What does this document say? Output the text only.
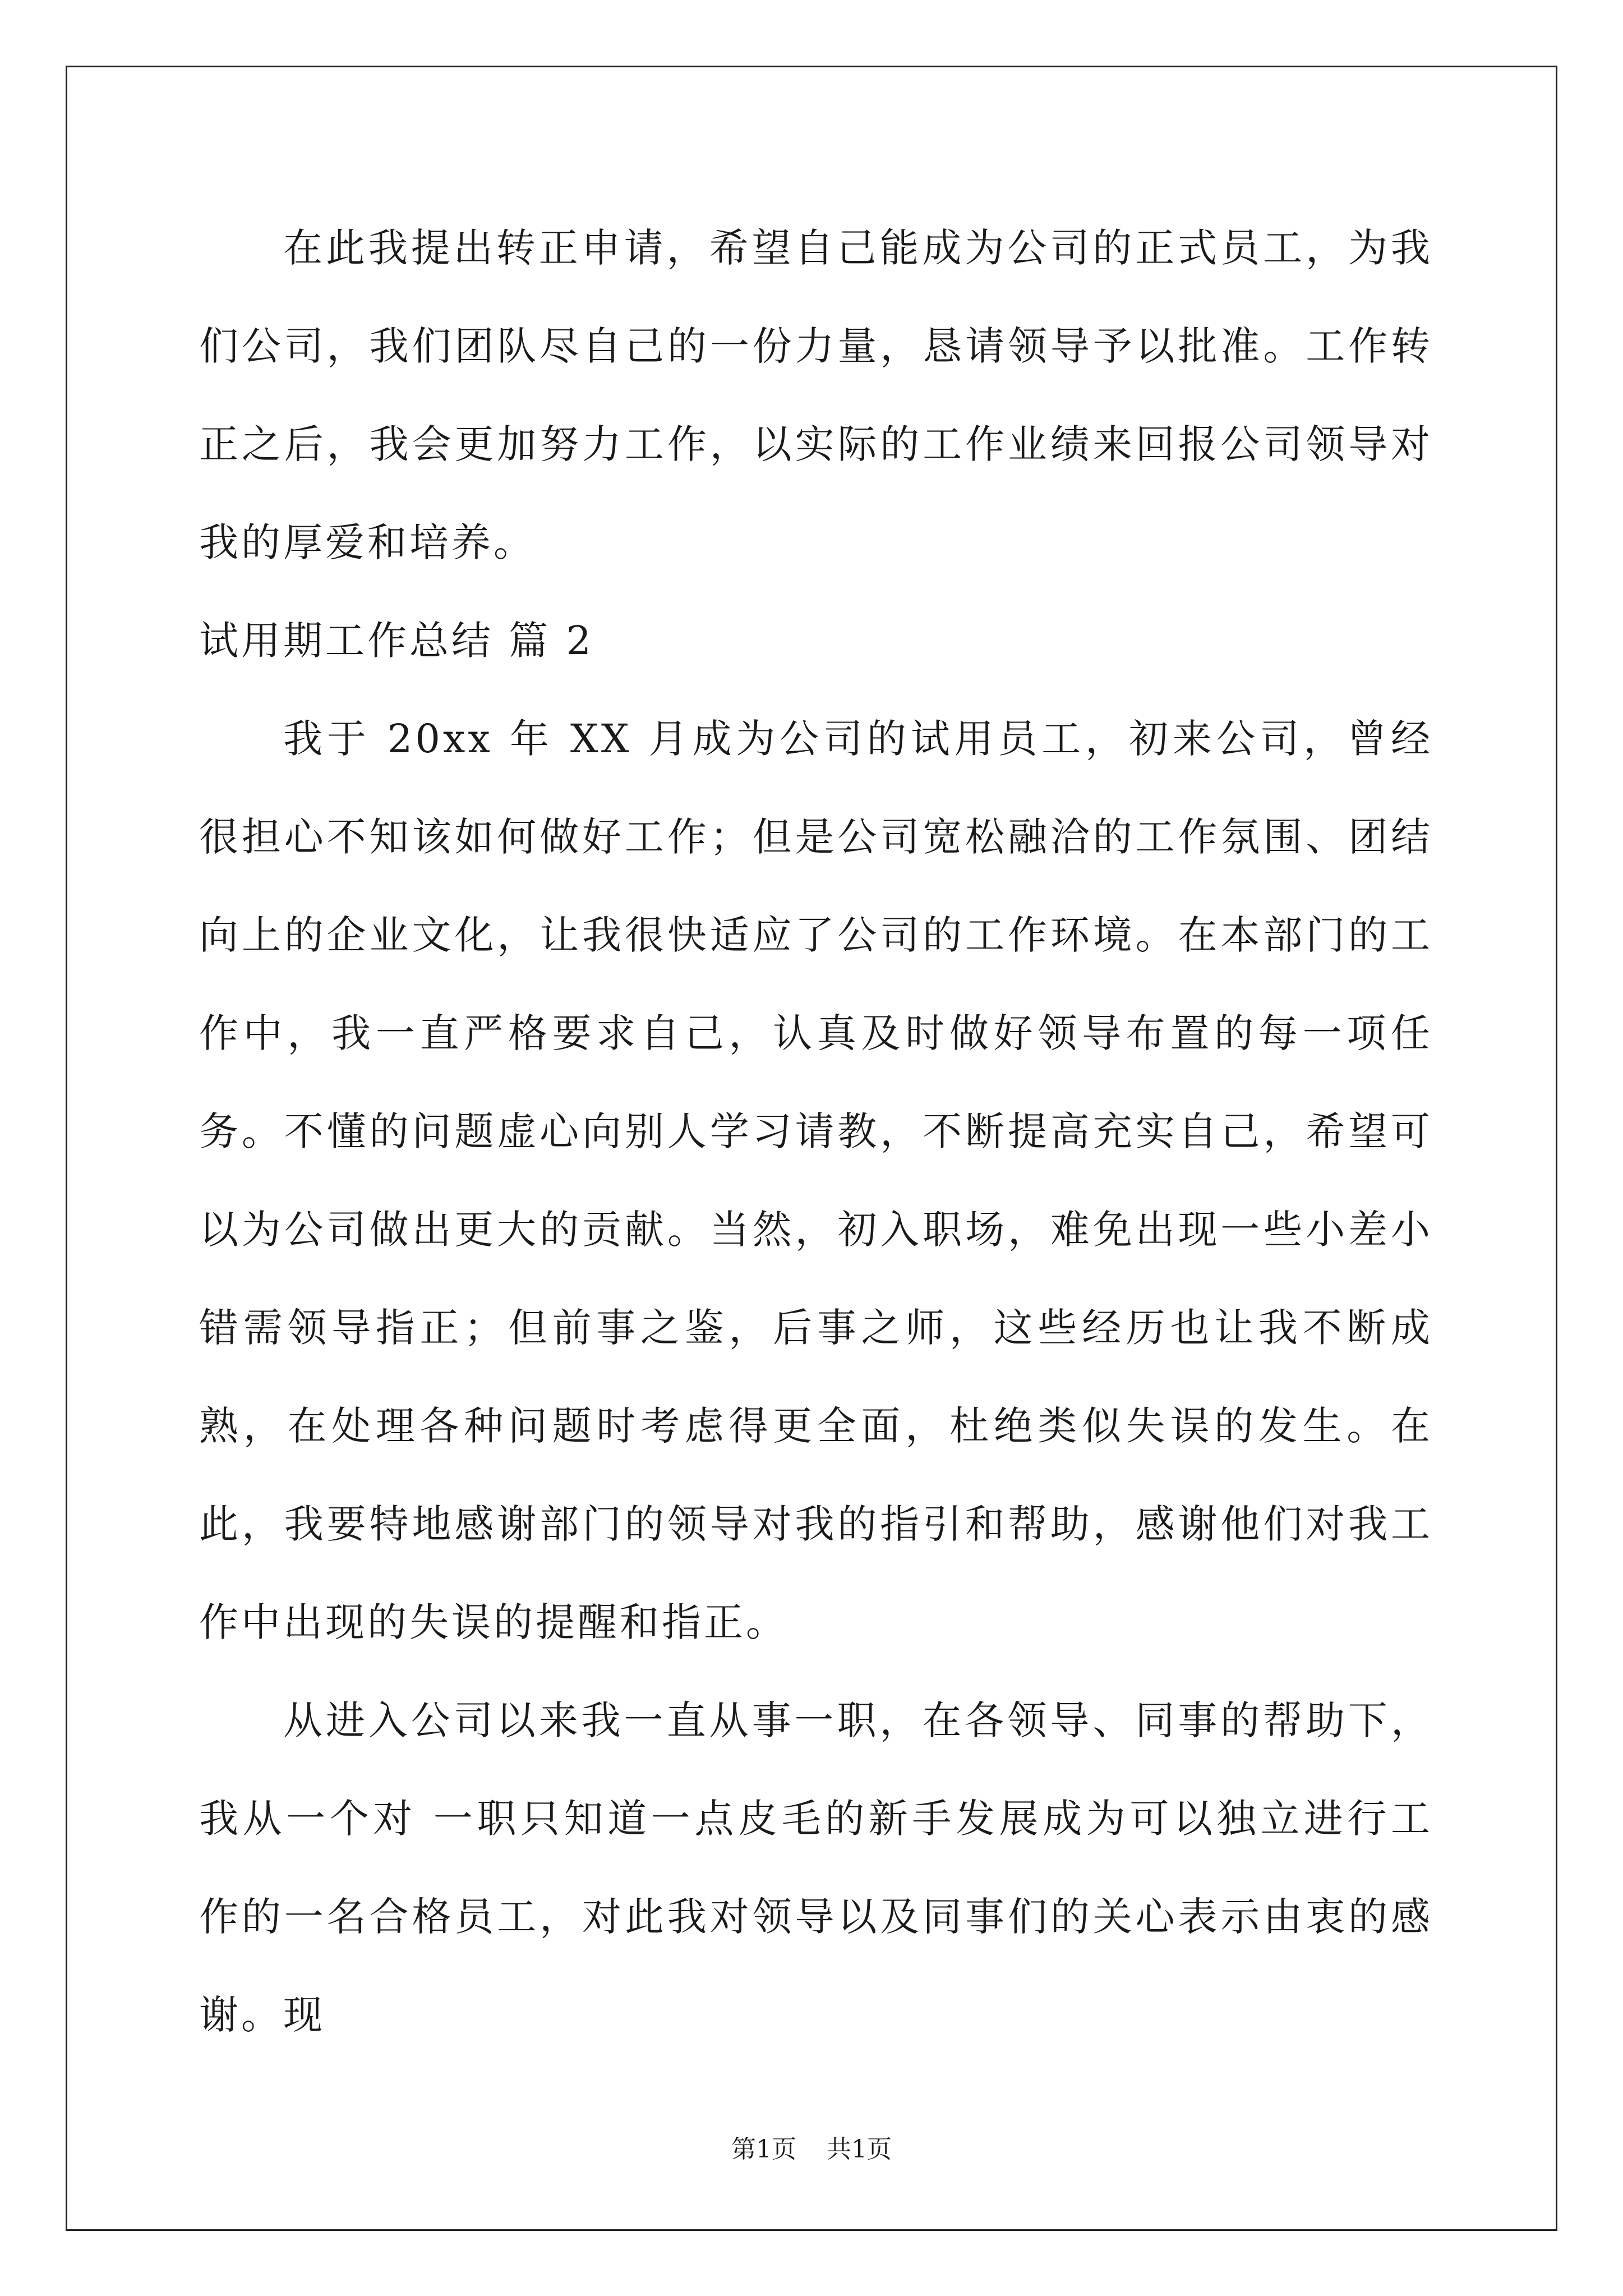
在此我提出转正申请，希望自己能成为公司的正式员工，为我们公司，我们团队尽自己的一份力量，恳请领导予以批准。工作转正之后，我会更加努力工作，以实际的工作业绩来回报公司领导对我的厚爱和培养。

试用期工作总结 篇 2

我于 20xx 年 XX 月成为公司的试用员工，初来公司，曾经很担心不知该如何做好工作；但是公司宽松融洽的工作氛围、团结向上的企业文化，让我很快适应了公司的工作环境。在本部门的工作中，我一直严格要求自己，认真及时做好领导布置的每一项任务。不懂的问题虚心向别人学习请教，不断提高充实自己，希望可以为公司做出更大的贡献。当然，初入职场，难免出现一些小差小错需领导指正；但前事之鉴，后事之师，这些经历也让我不断成熟，在处理各种问题时考虑得更全面，杜绝类似失误的发生。在此，我要特地感谢部门的领导对我的指引和帮助，感谢他们对我工作中出现的失误的提醒和指正。

从进入公司以来我一直从事一职，在各领导、同事的帮助下，我从一个对 一职只知道一点皮毛的新手发展成为可以独立进行工作的一名合格员工，对此我对领导以及同事们的关心表示由衷的感谢。现

第1页 共1页
